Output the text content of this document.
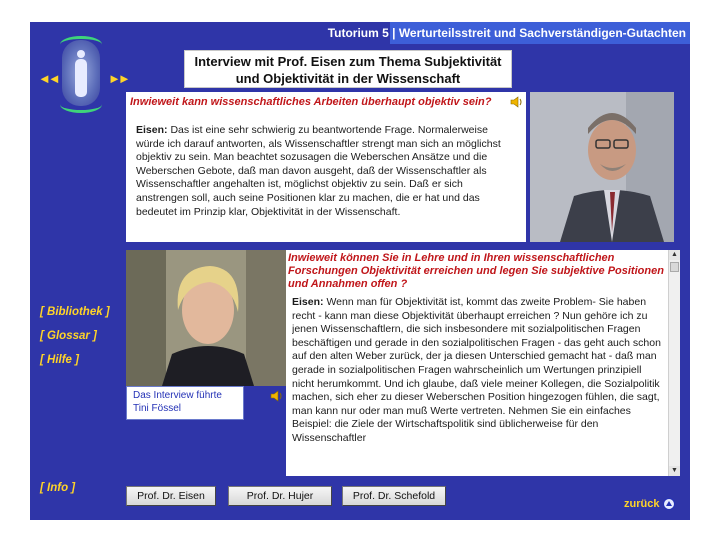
Tutorium 5 | Werturteilsstreit und Sachverständigen-Gutachten
◄◄	►►
Interview mit Prof. Eisen zum Thema Subjektivität
und Objektivität in der Wissenschaft
Inwieweit kann wissenschaftliches Arbeiten überhaupt objektiv sein?
Eisen: Das ist eine sehr schwierig zu beantwortende Frage. Normalerweise würde ich darauf antworten, als Wissenschaftler strengt man sich an möglichst objektiv zu sein. Man beachtet sozusagen die Weberschen Ansätze und die Weberschen Gebote, daß man davon ausgeht, daß der Wissenschaftler als Wissenschaftler angehalten ist, möglichst objektiv zu sein. Daß er sich anstrengen soll, auch seine Positionen klar zu machen, die er hat und das bedeutet im Prinzip klar, Objektivität in der Wissenschaft.
Das Interview führte
Tini Fössel
Inwieweit können Sie in Lehre und in Ihren wissenschaftlichen Forschungen Objektivität erreichen und legen Sie subjektive Positionen und Annahmen offen ?
Eisen: Wenn man für Objektivität ist, kommt das zweite Problem- Sie haben recht - kann man diese Objektivität überhaupt erreichen ? Nun gehöre ich zu jenen Wissenschaftlern, die sich insbesondere mit sozialpolitischen Fragen beschäftigen und gerade in den sozialpolitischen Fragen - das geht auch schon auf den alten Weber zurück, der ja diesen Unterschied gemacht hat - daß man gerade in sozialpolitischen Fragen wahrscheinlich um Wertungen prinzipiell nicht herumkommt. Und ich glaube, daß viele meiner Kollegen, die Sozialpolitik machen, sich eher zu dieser Weberschen Position hingezogen fühlen, die sagt, man kann nur oder man muß Werte vertreten. Nehmen Sie ein einfaches Beispiel: die Ziele der Wirtschaftspolitik sind üblicherweise für den Wissenschaftler
▲
▼
[ Bibliothek ]
[ Glossar ]
[ Hilfe ]
[ Info ]
Prof. Dr. Eisen	Prof. Dr. Hujer	Prof. Dr. Schefold
zurück
